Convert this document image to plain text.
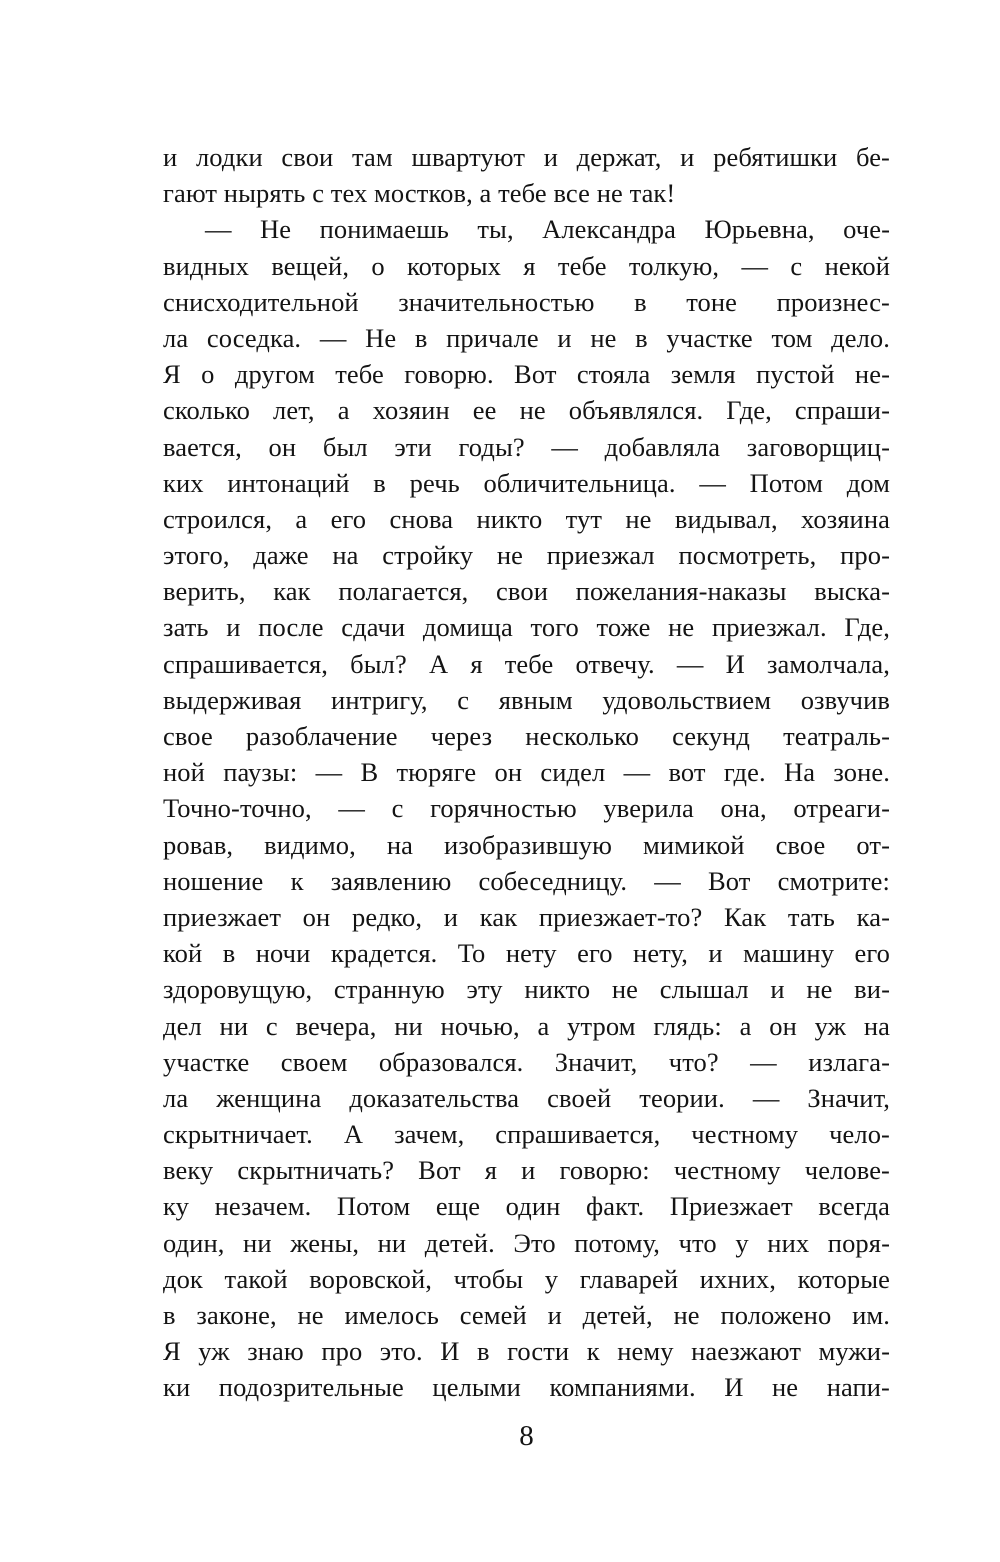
и лодки свои там швартуют и держат, и ребятишки бе-
гают нырять с тех мостков, а тебе все не так!
— Не понимаешь ты, Александра Юрьевна, оче-
видных вещей, о которых я тебе толкую, — с некой
снисходительной значительностью в тоне произнес-
ла соседка. — Не в причале и не в участке том дело.
Я о другом тебе говорю. Вот стояла земля пустой не-
сколько лет, а хозяин ее не объявлялся. Где, спраши-
вается, он был эти годы? — добавляла заговорщиц-
ких интонаций в речь обличительница. — Потом дом
строился, а его снова никто тут не видывал, хозяина
этого, даже на стройку не приезжал посмотреть, про-
верить, как полагается, свои пожелания-наказы выска-
зать и после сдачи домища того тоже не приезжал. Где,
спрашивается, был? А я тебе отвечу. — И замолчала,
выдерживая интригу, с явным удовольствием озвучив
свое разоблачение через несколько секунд театраль-
ной паузы: — В тюряге он сидел — вот где. На зоне.
Точно-точно, — с горячностью уверила она, отреаги-
ровав, видимо, на изобразившую мимикой свое от-
ношение к заявлению собеседницу. — Вот смотрите:
приезжает он редко, и как приезжает-то? Как тать ка-
кой в ночи крадется. То нету его нету, и машину его
здоровущую, странную эту никто не слышал и не ви-
дел ни с вечера, ни ночью, а утром глядь: а он уж на
участке своем образовался. Значит, что? — излага-
ла женщина доказательства своей теории. — Значит,
скрытничает. А зачем, спрашивается, честному чело-
веку скрытничать? Вот я и говорю: честному челове-
ку незачем. Потом еще один факт. Приезжает всегда
один, ни жены, ни детей. Это потому, что у них поря-
док такой воровской, чтобы у главарей ихних, которые
в законе, не имелось семей и детей, не положено им.
Я уж знаю про это. И в гости к нему наезжают мужи-
ки подозрительные целыми компаниями. И не напи-
8
